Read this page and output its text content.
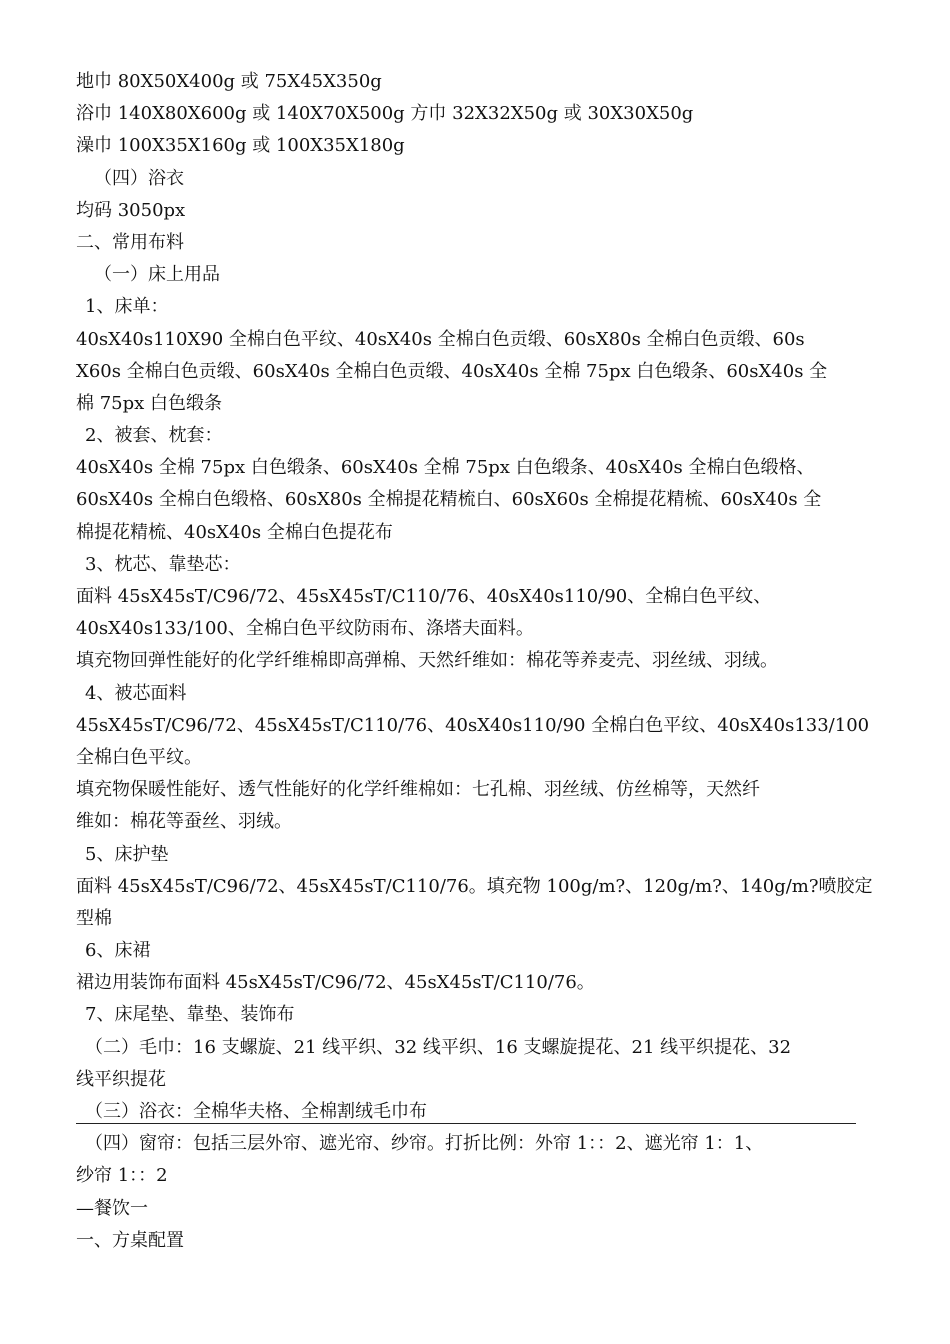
地巾 80X50X400g 或 75X45X350g
浴巾 140X80X600g 或 140X70X500g 方巾 32X32X50g 或 30X30X50g
澡巾 100X35X160g 或 100X35X180g
（四）浴衣
均码 3050px
二、常用布料
（一）床上用品
1、床单：
40sX40s110X90 全棉白色平纹、40sX40s 全棉白色贡缎、60sX80s 全棉白色贡缎、60s
X60s 全棉白色贡缎、60sX40s 全棉白色贡缎、40sX40s 全棉 75px 白色缎条、60sX40s 全
棉 75px 白色缎条
2、被套、枕套：
40sX40s 全棉 75px 白色缎条、60sX40s 全棉 75px 白色缎条、40sX40s 全棉白色缎格、
60sX40s 全棉白色缎格、60sX80s 全棉提花精梳白、60sX60s 全棉提花精梳、60sX40s 全
棉提花精梳、40sX40s 全棉白色提花布
3、枕芯、靠垫芯：
面料 45sX45sT/C96/72、45sX45sT/C110/76、40sX40s110/90、全棉白色平纹、
40sX40s133/100、全棉白色平纹防雨布、涤塔夫面料。
填充物回弹性能好的化学纤维棉即高弹棉、天然纤维如：棉花等养麦壳、羽丝绒、羽绒。
4、被芯面料
45sX45sT/C96/72、45sX45sT/C110/76、40sX40s110/90 全棉白色平纹、40sX40s133/100
全棉白色平纹。
填充物保暖性能好、透气性能好的化学纤维棉如：七孔棉、羽丝绒、仿丝棉等，天然纤
维如：棉花等蚕丝、羽绒。
5、床护垫
面料 45sX45sT/C96/72、45sX45sT/C110/76。填充物 100g/m?、120g/m?、140g/m?喷胶定
型棉
6、床裙
裙边用装饰布面料 45sX45sT/C96/72、45sX45sT/C110/76。
7、床尾垫、靠垫、装饰布
（二）毛巾：16 支螺旋、21 线平织、32 线平织、16 支螺旋提花、21 线平织提花、32
线平织提花
（三）浴衣：全棉华夫格、全棉割绒毛巾布
（四）窗帘：包括三层外帘、遮光帘、纱帘。打折比例：外帘 1：：2、遮光帘 1：1、
纱帘 1：：2
—餐饮一
一、方桌配置
